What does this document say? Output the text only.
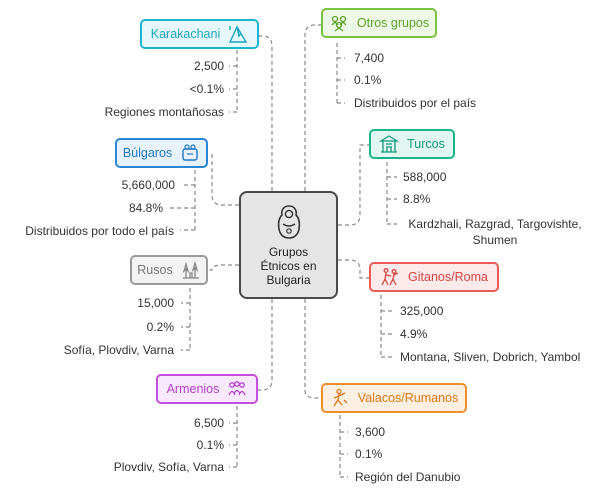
Grupos
Étnicos en
Bulgaria
Karakachani
2,500
<0.1%
Regiones montañosas
Búlgaros
5,660,000
84.8%
Distribuidos por todo el país
Rusos
15,000
0.2%
Sofía, Plovdiv, Varna
Armenios
6,500
0.1%
Plovdiv, Sofía, Varna
Otros grupos
7,400
0.1%
Distribuidos por el país
Turcos
588,000
8.8%
Kardzhali, Razgrad, Targovishte,
Shumen
Gitanos/Roma
325,000
4.9%
Montana, Sliven, Dobrich, Yambol
Valacos/Rumanos
3,600
0.1%
Región del Danubio
